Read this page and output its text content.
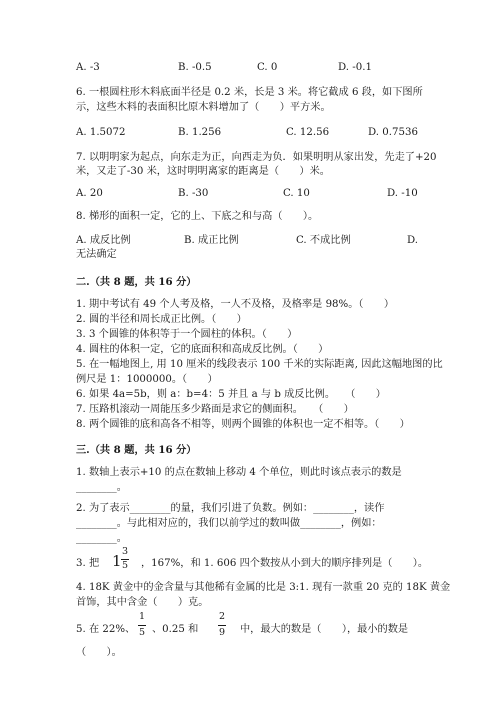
A. -3	B. -0.5	C. 0	D. -0.1
6. 一根圆柱形木料底面半径是 0.2 米，长是 3 米。将它截成 6 段，如下图所
示，这些木料的表面积比原木料增加了（　　）平方米。
A. 1.5072	B. 1.256	C. 12.56	D. 0.7536
7. 以明明家为起点，向东走为正，向西走为负．如果明明从家出发，先走了+20
米，又走了-30 米，这时明明离家的距离是（　　）米。
A. 20	B. -30	C. 10	D. -10
8. 梯形的面积一定，它的上、下底之和与高（　　）。
A. 成反比例	B. 成正比例	C. 不成比例	D.
无法确定
二.（共 8 题，共 16 分）
1. 期中考试有 49 个人考及格，一人不及格，及格率是 98%。（　　）
2. 圆的半径和周长成正比例。（　　）
3. 3 个圆锥的体积等于一个圆柱的体积。（　　）
4. 圆柱的体积一定，它的底面积和高成反比例。（　　）
5. 在一幅地图上, 用 10 厘米的线段表示 100 千米的实际距离, 因此这幅地图的比
例尺是 1：1000000。（　　）
6. 如果 4a=5b，则 a：b=4：5 并且 a 与 b 成反比例。　　（　　）
7. 压路机滚动一周能压多少路面是求它的侧面积。　　（　　）
8. 两个圆锥的底和高各不相等，则两个圆锥的体积也一定不相等。（　　）
三.（共 8 题，共 16 分）
1. 数轴上表示+10 的点在数轴上移动 4 个单位，则此时该点表示的数是
________。
2. 为了表示________的量，我们引进了负数。例如：________，读作
________。与此相对应的，我们以前学过的数叫做________，例如：
________。
3. 把 1
3
5 ，167%，和 1. 606 四个数按从小到大的顺序排列是（　　）。
4. 18K 黄金中的金含量与其他稀有金属的比是 3:1. 现有一款重 20 克的 18K 黄金
首饰，其中含金（　　）克。
5. 在 22%、
1
5 、0.25 和
2
9 中，最大的数是（　　），最小的数是
（　　）。
